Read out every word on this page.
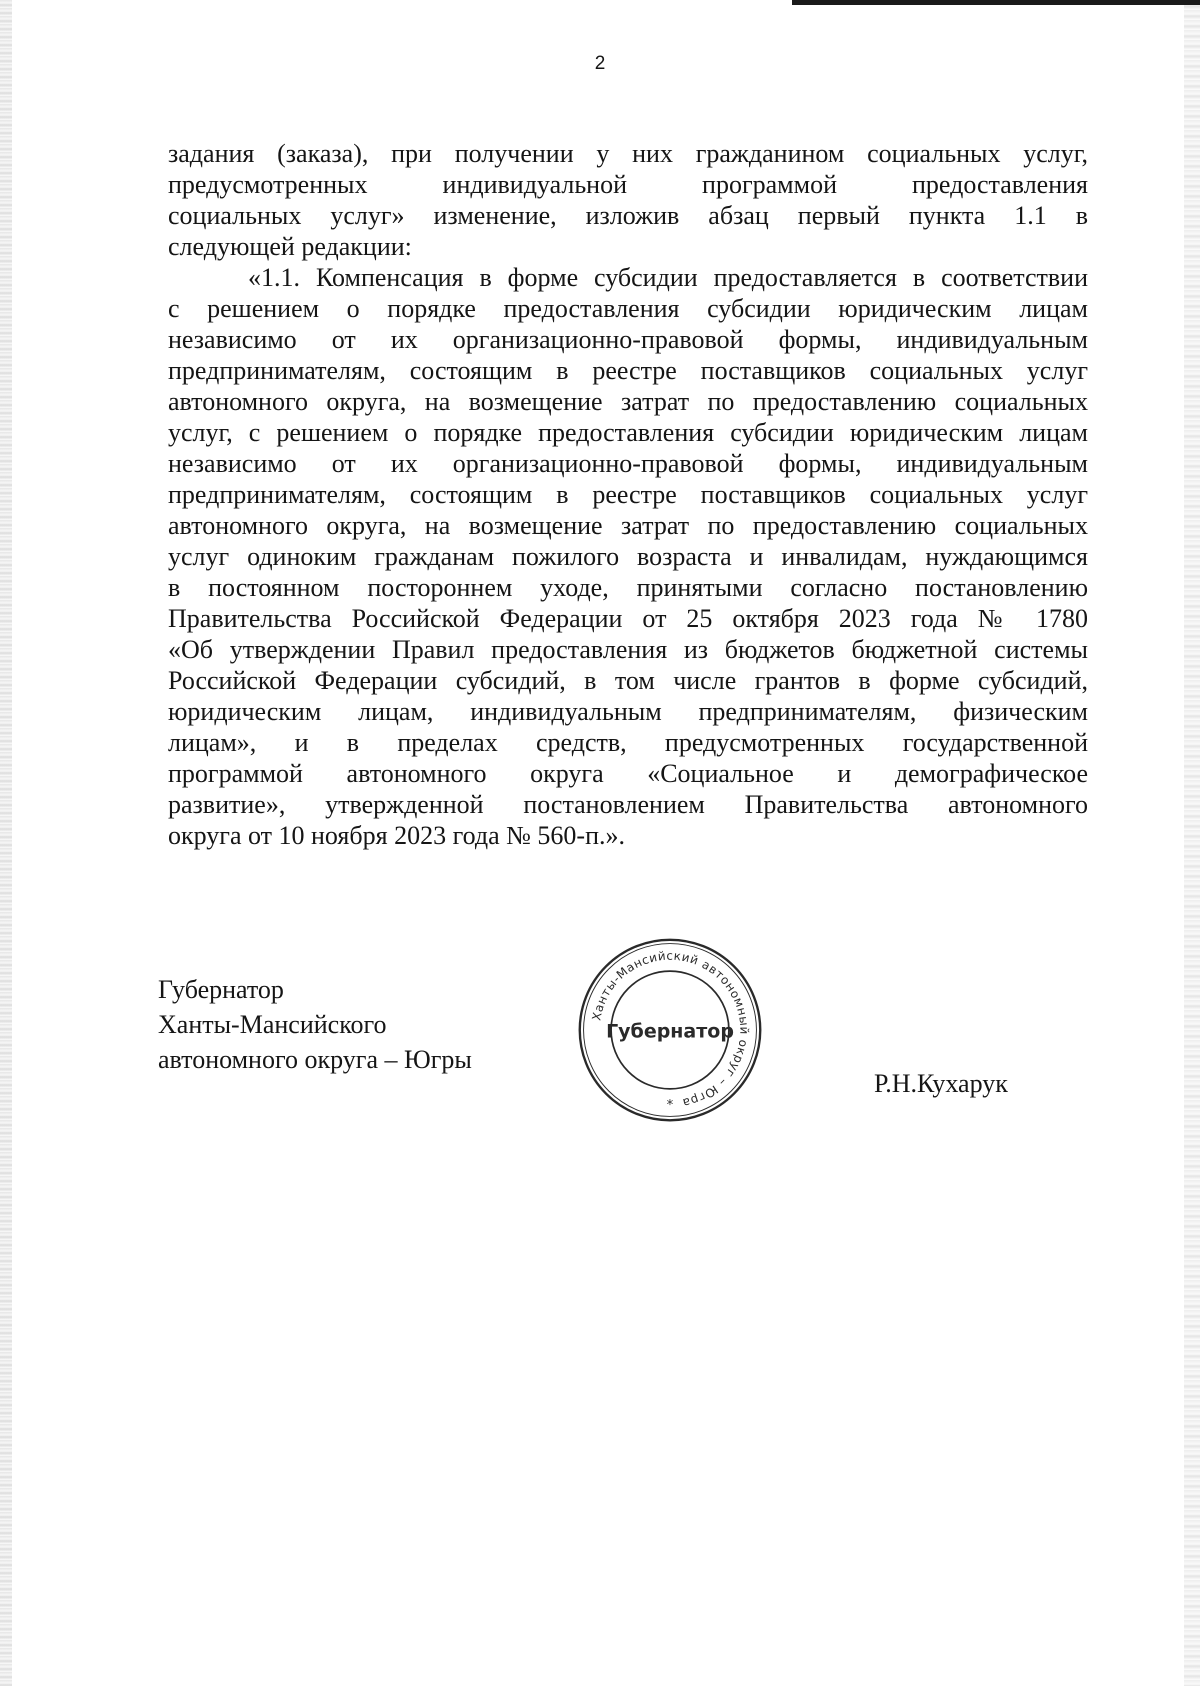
2

задания (заказа), при получении у них гражданином социальных услуг,
предусмотренных индивидуальной программой предоставления
социальных услуг» изменение, изложив абзац первый пункта 1.1 в
следующей редакции:

«1.1. Компенсация в форме субсидии предоставляется в соответствии
с решением о порядке предоставления субсидии юридическим лицам
независимо от их организационно-правовой формы, индивидуальным
предпринимателям, состоящим в реестре поставщиков социальных услуг
автономного округа, на возмещение затрат по предоставлению социальных
услуг, с решением о порядке предоставления субсидии юридическим лицам
независимо от их организационно-правовой формы, индивидуальным
предпринимателям, состоящим в реестре поставщиков социальных услуг
автономного округа, на возмещение затрат по предоставлению социальных
услуг одиноким гражданам пожилого возраста и инвалидам, нуждающимся
в постоянном постороннем уходе, принятыми согласно постановлению
Правительства Российской Федерации от 25 октября 2023 года № 1780
«Об утверждении Правил предоставления из бюджетов бюджетной системы
Российской Федерации субсидий, в том числе грантов в форме субсидий,
юридическим лицам, индивидуальным предпринимателям, физическим
лицам», и в пределах средств, предусмотренных государственной
программой автономного округа «Социальное и демографическое
развитие», утвержденной постановлением Правительства автономного
округа от 10 ноября 2023 года № 560-п.».

Губернатор
Ханты-Мансийского
автономного округа – Югры
Ханты-Мансийский автономный округ – Югра
Губернатор
*
Р.Н.Кухарук
